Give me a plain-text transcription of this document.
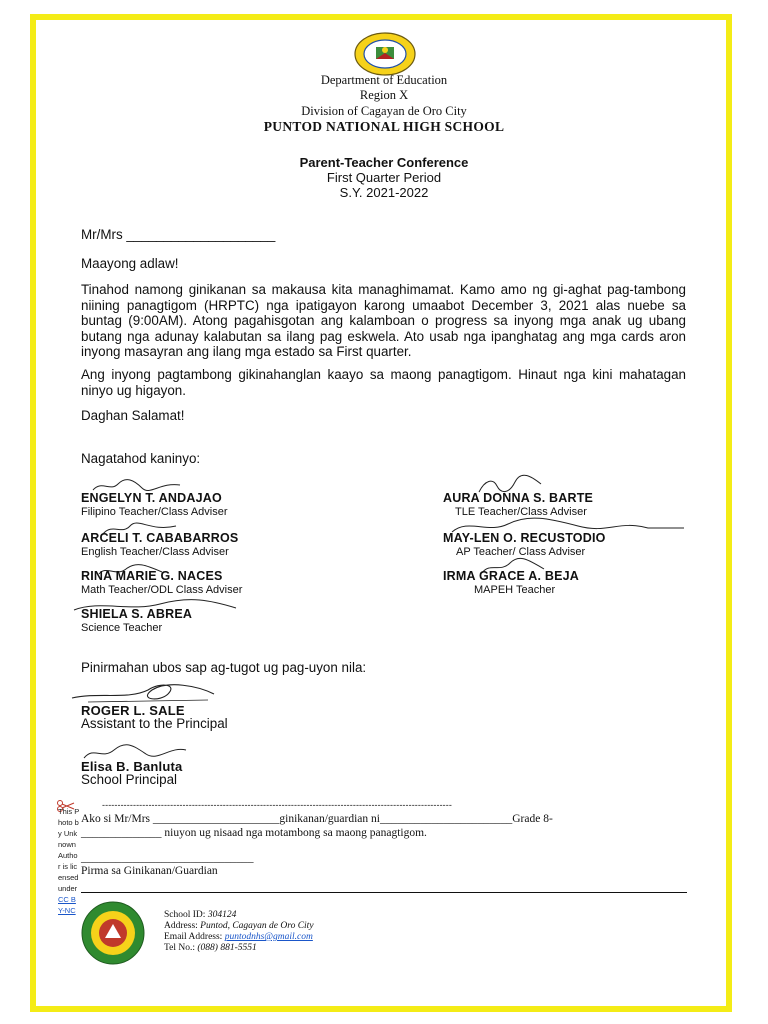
Department of Education
Region X
Division of Cagayan de Oro City
PUNTOD NATIONAL HIGH SCHOOL
Parent-Teacher Conference
First Quarter Period
S.Y. 2021-2022
Mr/Mrs ____________________
Maayong adlaw!
Tinahod namong ginikanan sa makausa kita managhimamat. Kamo amo ng gi-aghat pag-tambong niining panagtigom (HRPTC) nga ipatigayon karong umaabot December 3, 2021 alas nuebe sa buntag (9:00AM). Atong pagahisgotan ang kalamboan o progress sa inyong mga anak ug ubang butang nga adunay kalabutan sa ilang pag eskwela. Ato usab nga ipanghatag ang mga cards aron inyong masayran ang ilang mga estado sa First quarter.
Ang inyong pagtambong gikinahanglan kaayo sa maong panagtigom. Hinaut nga kini mahatagan ninyo ug higayon.
Daghan Salamat!
Nagatahod kaninyo:
ENGELYN T. ANDAJAO
Filipino Teacher/Class Adviser
ARCELI T. CABABARROS
English Teacher/Class Adviser
RINA MARIE G. NACES
Math Teacher/ODL Class Adviser
SHIELA S. ABREA
Science Teacher
AURA DONNA S. BARTE
TLE Teacher/Class Adviser
MAY-LEN O. RECUSTODIO
AP Teacher/ Class Adviser
IRMA GRACE A. BEJA
MAPEH Teacher
Pinirmahan ubos sap ag-tugot ug pag-uyon nila:
ROGER L. SALE
Assistant to the Principal
Elisa B. Banluta
School Principal
-----------------------------------------------------------------------------------------------------------------
Ako si Mr/Mrs ______________________ginikanan/guardian ni_______________________Grade 8-
______________ niuyon ug nisaad nga motambong sa maong panagtigom.
______________________________
Pirma sa Ginikanan/Guardian
This Photo by Unknown Author is licensed under CC BY-NC	School ID: 304124
Address: Puntod, Cagayan de Oro City
Email Address: puntodnhs@gmail.com
Tel No.: (088) 881-5551
